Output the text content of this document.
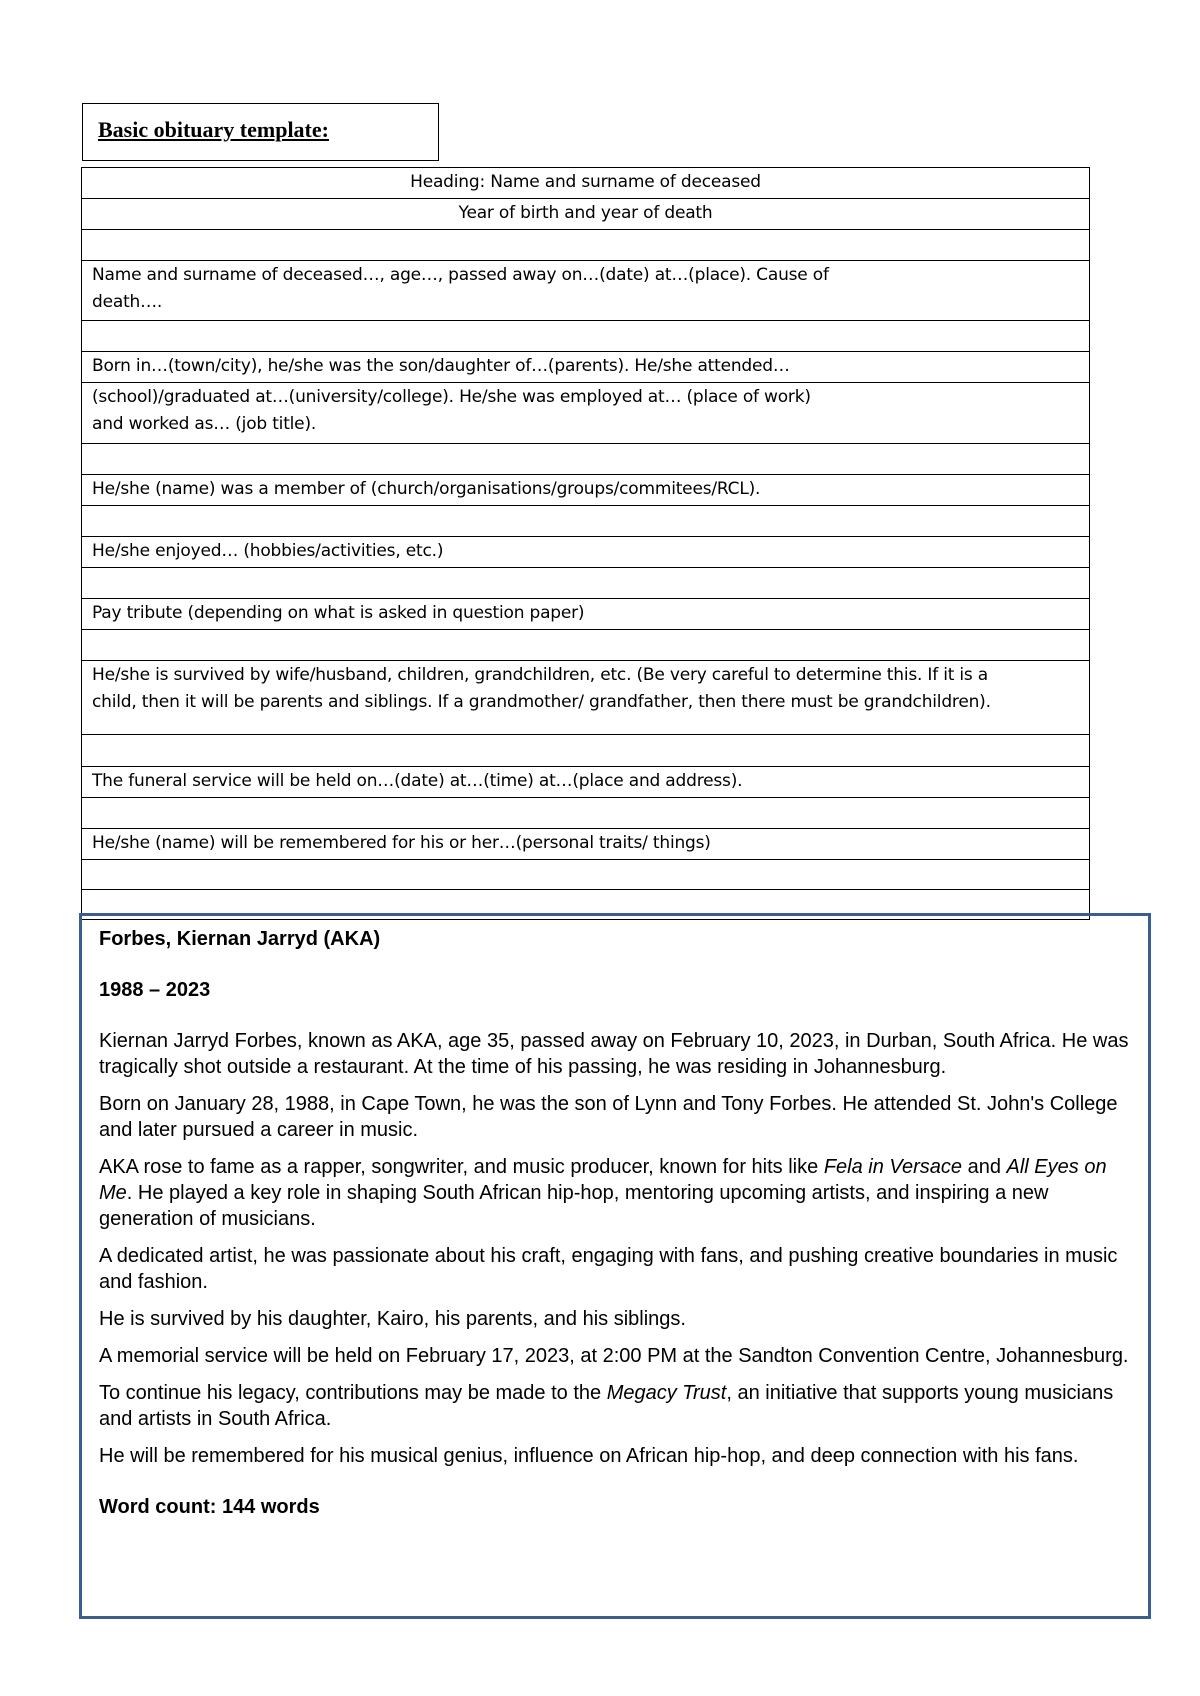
Basic obituary template:
Heading: Name and surname of deceased
Year of birth and year of death
Name and surname of deceased…, age…, passed away on…(date) at…(place). Cause of
death….
Born in…(town/city), he/she was the son/daughter of…(parents). He/she attended…
(school)/graduated at…(university/college). He/she was employed at… (place of work)
and worked as… (job title).
He/she (name) was a member of (church/organisations/groups/commitees/RCL).
He/she enjoyed… (hobbies/activities, etc.)
Pay tribute (depending on what is asked in question paper)
He/she is survived by wife/husband, children, grandchildren, etc. (Be very careful to determine this. If it is a
child, then it will be parents and siblings. If a grandmother/ grandfather, then there must be grandchildren).
The funeral service will be held on…(date) at…(time) at…(place and address).
He/she (name) will be remembered for his or her…(personal traits/ things)

Forbes, Kiernan Jarryd (AKA)

1988 – 2023

Kiernan Jarryd Forbes, known as AKA, age 35, passed away on February 10, 2023, in Durban, South Africa. He was tragically shot outside a restaurant. At the time of his passing, he was residing in Johannesburg.

Born on January 28, 1988, in Cape Town, he was the son of Lynn and Tony Forbes. He attended St. John's College and later pursued a career in music.

AKA rose to fame as a rapper, songwriter, and music producer, known for hits like Fela in Versace and All Eyes on Me. He played a key role in shaping South African hip-hop, mentoring upcoming artists, and inspiring a new generation of musicians.

A dedicated artist, he was passionate about his craft, engaging with fans, and pushing creative boundaries in music and fashion.

He is survived by his daughter, Kairo, his parents, and his siblings.

A memorial service will be held on February 17, 2023, at 2:00 PM at the Sandton Convention Centre, Johannesburg.

To continue his legacy, contributions may be made to the Megacy Trust, an initiative that supports young musicians and artists in South Africa.

He will be remembered for his musical genius, influence on African hip-hop, and deep connection with his fans.

Word count: 144 words
